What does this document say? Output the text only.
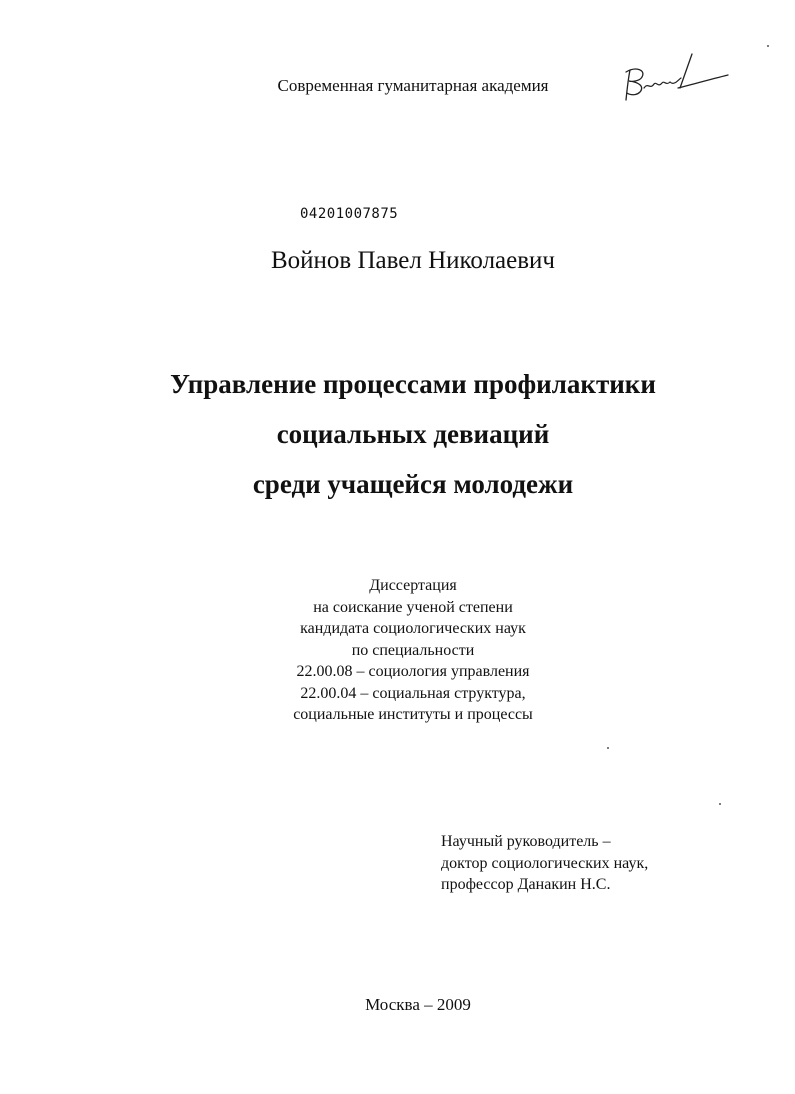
Современная гуманитарная академия
04201007875
Войнов Павел Николаевич
Управление процессами профилактики
социальных девиаций
среди учащейся молодежи
Диссертация
на соискание ученой степени
кандидата социологических наук
по специальности
22.00.08 – социология управления
22.00.04 – социальная структура,
социальные институты и процессы
Научный руководитель –
доктор социологических наук,
профессор Данакин Н.С.
Москва – 2009
